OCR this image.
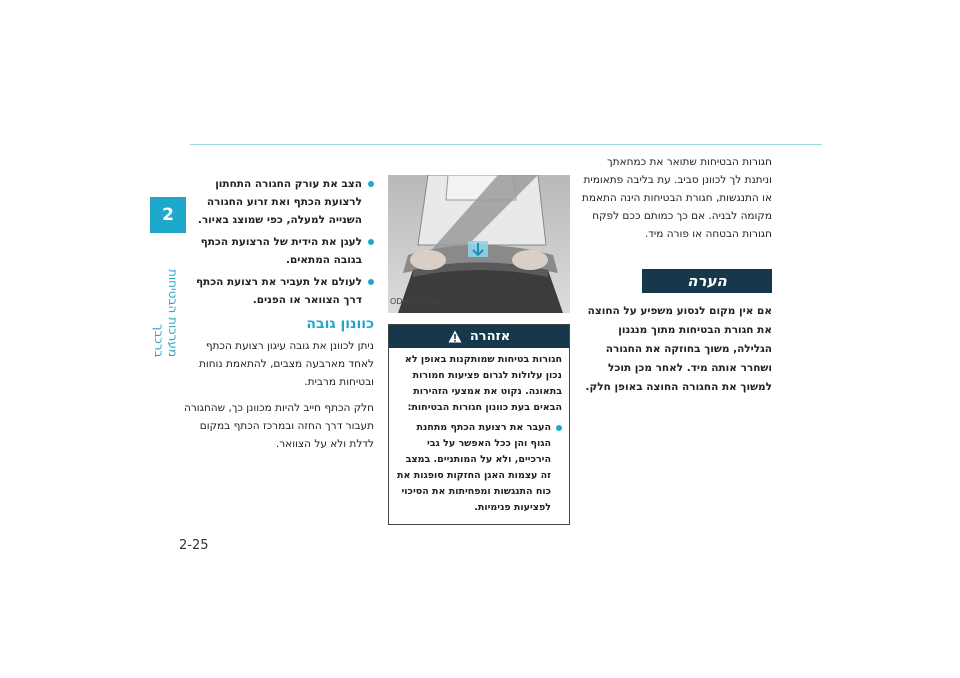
2
מערכות הבטיחות ברכבך
2-25
חגורות הבטיחות שתואר את כמחאתך וניתנת לך לכוונן סביב. עת בליבה פתאומית או התנגשות, חגורת הבטיחות הינה התאמת מקומה לבניה. אם כך כמותם ככם לפקח חגורות הבטחה או פורה מיד.
הערה
אם אין מקום לנסוע משפיע על החוצה את חגורת הבטיחות מתוך מנגנון הגלילה, משוך בחוזקה את החגורה ושחרר אותה מיד. לאחר מכן תוכל למשוך את החגורה החוצה באופן חלק.
ODH033056
אזהרה
חגורות בטיחות שמותקנות באופן לא נכון עלולות לגרום פציעות חמורות בתאונה. נקוט את אמצעי הזהירות הבאים בעת כוונון חגורות הבטיחות:
העבר את רצועת הכתף מתחנת הגוף והן ככל האפשר על גבי הירכיים, ולא על המותניים. במצב זה עצמות האגן החזקות סופגות את כוח התנגשות ומפחיתות את הסיכוי לפציעות פנימיות.
הצב את עורק החגורה התחתון לרצועת הכתף ואת זרוע החגורה השנייה למעלה, כפי שמוצג באיור.
לעגן את הידית של הרצועת הכתף בגובה המתאים.
לעולם אל תעביר את רצועת הכתף דרך הצוואר או הפנים.
כוונון גובה
ניתן לכוונן את גובה עיגון רצועת הכתף לאחד מארבעה מצבים, להתאמת נוחות ובטיחות מרבית.
חלק הכתף חייב להיות מכוונן כך, שהחגורה תעבור דרך החזה ובמרכז הכתף במקום לדלת ולא על הצוואר.
